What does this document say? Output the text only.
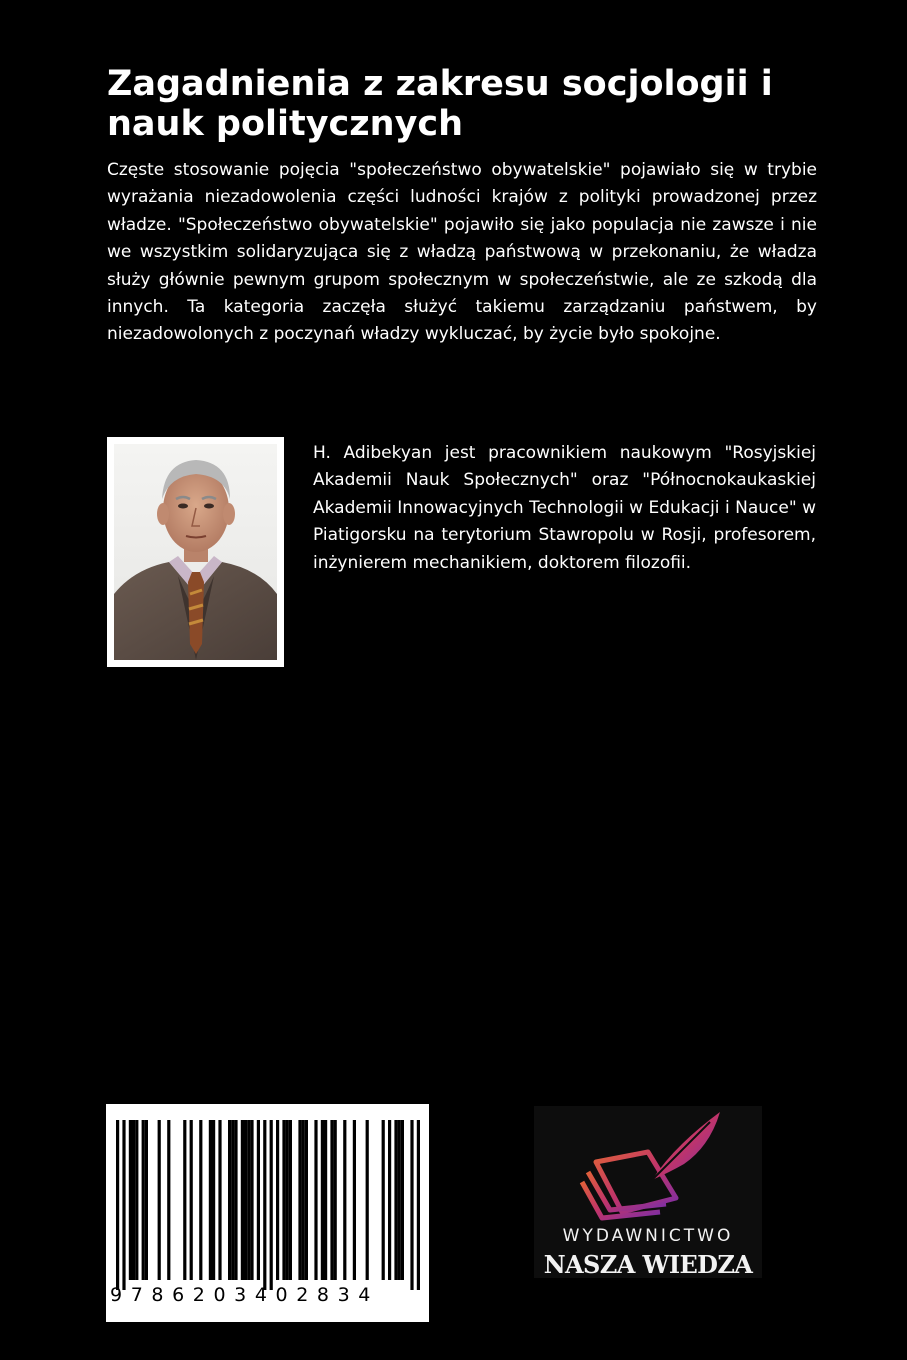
Zagadnienia z zakresu socjologii i nauk politycznych

Częste stosowanie pojęcia "społeczeństwo obywatelskie" pojawiało się w trybie wyrażania niezadowolenia części ludności krajów z polityki prowadzonej przez władze. "Społeczeństwo obywatelskie" pojawiło się jako populacja nie zawsze i nie we wszystkim solidaryzująca się z władzą państwową w przekonaniu, że władza służy głównie pewnym grupom społecznym w społeczeństwie, ale ze szkodą dla innych. Ta kategoria zaczęła służyć takiemu zarządzaniu państwem, by niezadowolonych z poczynań władzy wykluczać, by życie było spokojne.

H. Adibekyan jest pracownikiem naukowym "Rosyjskiej Akademii Nauk Społecznych" oraz "Północnokaukaskiej Akademii Innowacyjnych Technologii w Edukacji i Nauce" w Piatigorsku na terytorium Stawropolu w Rosji, profesorem, inżynierem mechanikiem, doktorem filozofii.

9786203402834
WYDAWNICTWO
NASZA WIEDZA
